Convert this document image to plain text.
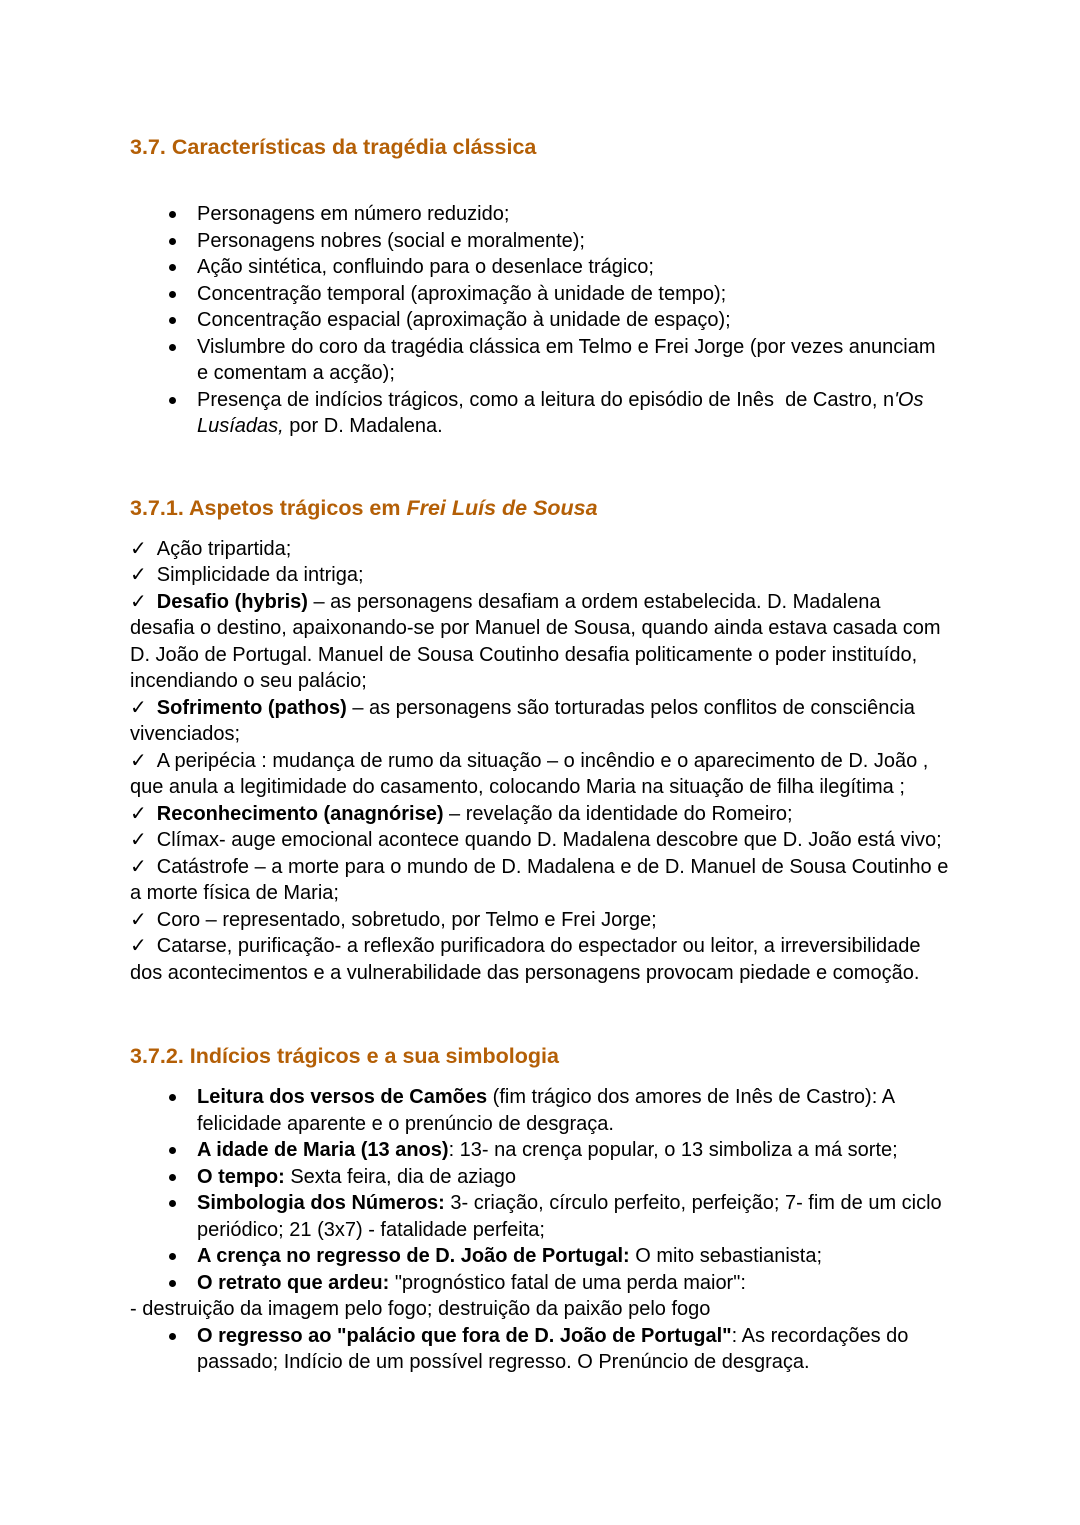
3.7. Características da tragédia clássica
Personagens em número reduzido;
Personagens nobres (social e moralmente);
Ação sintética, confluindo para o desenlace trágico;
Concentração temporal (aproximação à unidade de tempo);
Concentração espacial (aproximação à unidade de espaço);
Vislumbre do coro da tragédia clássica em Telmo e Frei Jorge (por vezes anunciam e comentam a acção);
Presença de indícios trágicos, como a leitura do episódio de Inês  de Castro, n'Os Lusíadas, por D. Madalena.
3.7.1. Aspetos trágicos em Frei Luís de Sousa
✓ Ação tripartida;
✓ Simplicidade da intriga;
✓ Desafio (hybris) – as personagens desafiam a ordem estabelecida. D. Madalena desafia o destino, apaixonando-se por Manuel de Sousa, quando ainda estava casada com D. João de Portugal. Manuel de Sousa Coutinho desafia politicamente o poder instituído, incendiando o seu palácio;
✓ Sofrimento (pathos) – as personagens são torturadas pelos conflitos de consciência vivenciados;
✓ A peripécia : mudança de rumo da situação – o incêndio e o aparecimento de D. João , que anula a legitimidade do casamento, colocando Maria na situação de filha ilegítima ;
✓ Reconhecimento (anagnórise) – revelação da identidade do Romeiro;
✓ Clímax- auge emocional acontece quando D. Madalena descobre que D. João está vivo;
✓ Catástrofe – a morte para o mundo de D. Madalena e de D. Manuel de Sousa Coutinho e a morte física de Maria;
✓ Coro – representado, sobretudo, por Telmo e Frei Jorge;
✓ Catarse, purificação- a reflexão purificadora do espectador ou leitor, a irreversibilidade dos acontecimentos e a vulnerabilidade das personagens provocam piedade e comoção.
3.7.2. Indícios trágicos e a sua simbologia
Leitura dos versos de Camões (fim trágico dos amores de Inês de Castro): A felicidade aparente e o prenúncio de desgraça.
A idade de Maria (13 anos): 13- na crença popular, o 13 simboliza a má sorte;
O tempo: Sexta feira, dia de aziago
Simbologia dos Números: 3- criação, círculo perfeito, perfeição; 7- fim de um ciclo periódico; 21 (3x7) - fatalidade perfeita;
A crença no regresso de D. João de Portugal: O mito sebastianista;
O retrato que ardeu: "prognóstico fatal de uma perda maior":

- destruição da imagem pelo fogo; destruição da paixão pelo fogo

O regresso ao "palácio que fora de D. João de Portugal": As recordações do passado; Indício de um possível regresso. O Prenúncio de desgraça.
